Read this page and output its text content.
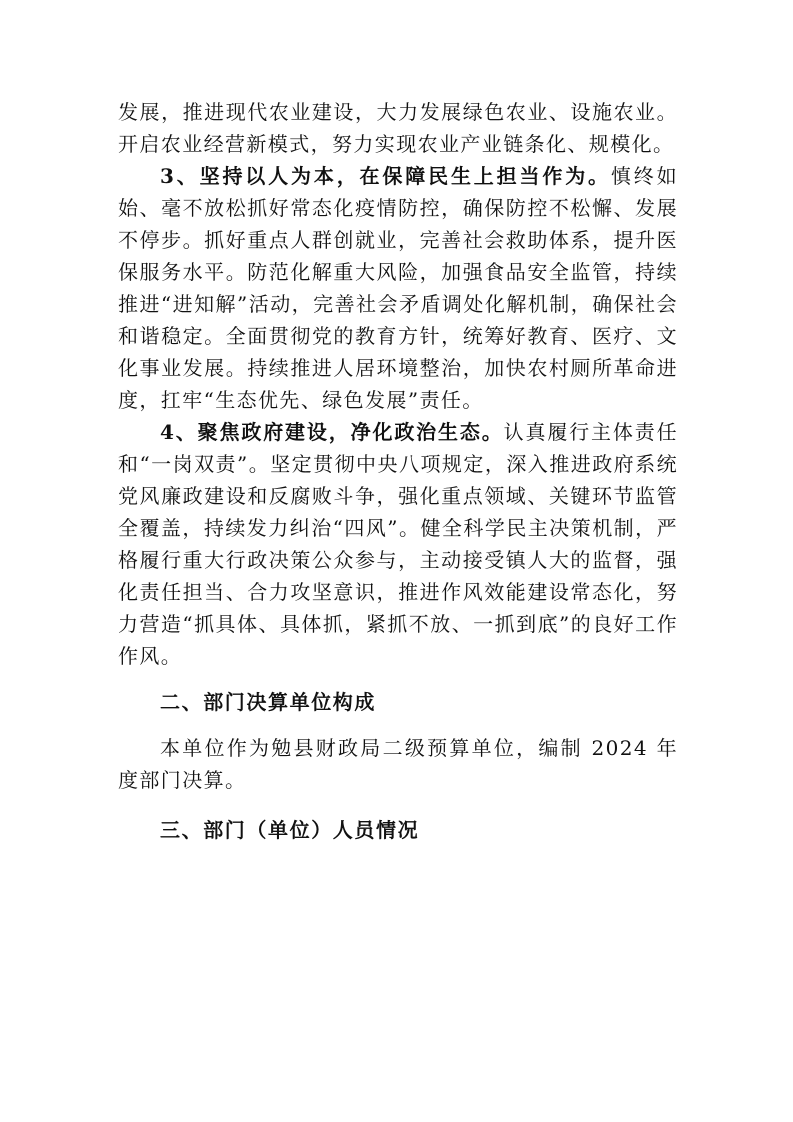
发展，推进现代农业建设，大力发展绿色农业、设施农业。开启农业经营新模式，努力实现农业产业链条化、规模化。

3、坚持以人为本，在保障民生上担当作为。慎终如始、毫不放松抓好常态化疫情防控，确保防控不松懈、发展不停步。抓好重点人群创就业，完善社会救助体系，提升医保服务水平。防范化解重大风险，加强食品安全监管，持续推进“进知解”活动，完善社会矛盾调处化解机制，确保社会和谐稳定。全面贯彻党的教育方针，统筹好教育、医疗、文化事业发展。持续推进人居环境整治，加快农村厕所革命进度，扛牢“生态优先、绿色发展”责任。

4、聚焦政府建设，净化政治生态。认真履行主体责任和“一岗双责”。坚定贯彻中央八项规定，深入推进政府系统党风廉政建设和反腐败斗争，强化重点领域、关键环节监管全覆盖，持续发力纠治“四风”。健全科学民主决策机制，严格履行重大行政决策公众参与，主动接受镇人大的监督，强化责任担当、合力攻坚意识，推进作风效能建设常态化，努力营造“抓具体、具体抓，紧抓不放、一抓到底”的良好工作作风。

二、部门决算单位构成

本单位作为勉县财政局二级预算单位，编制 2024 年度部门决算。

三、部门（单位）人员情况
